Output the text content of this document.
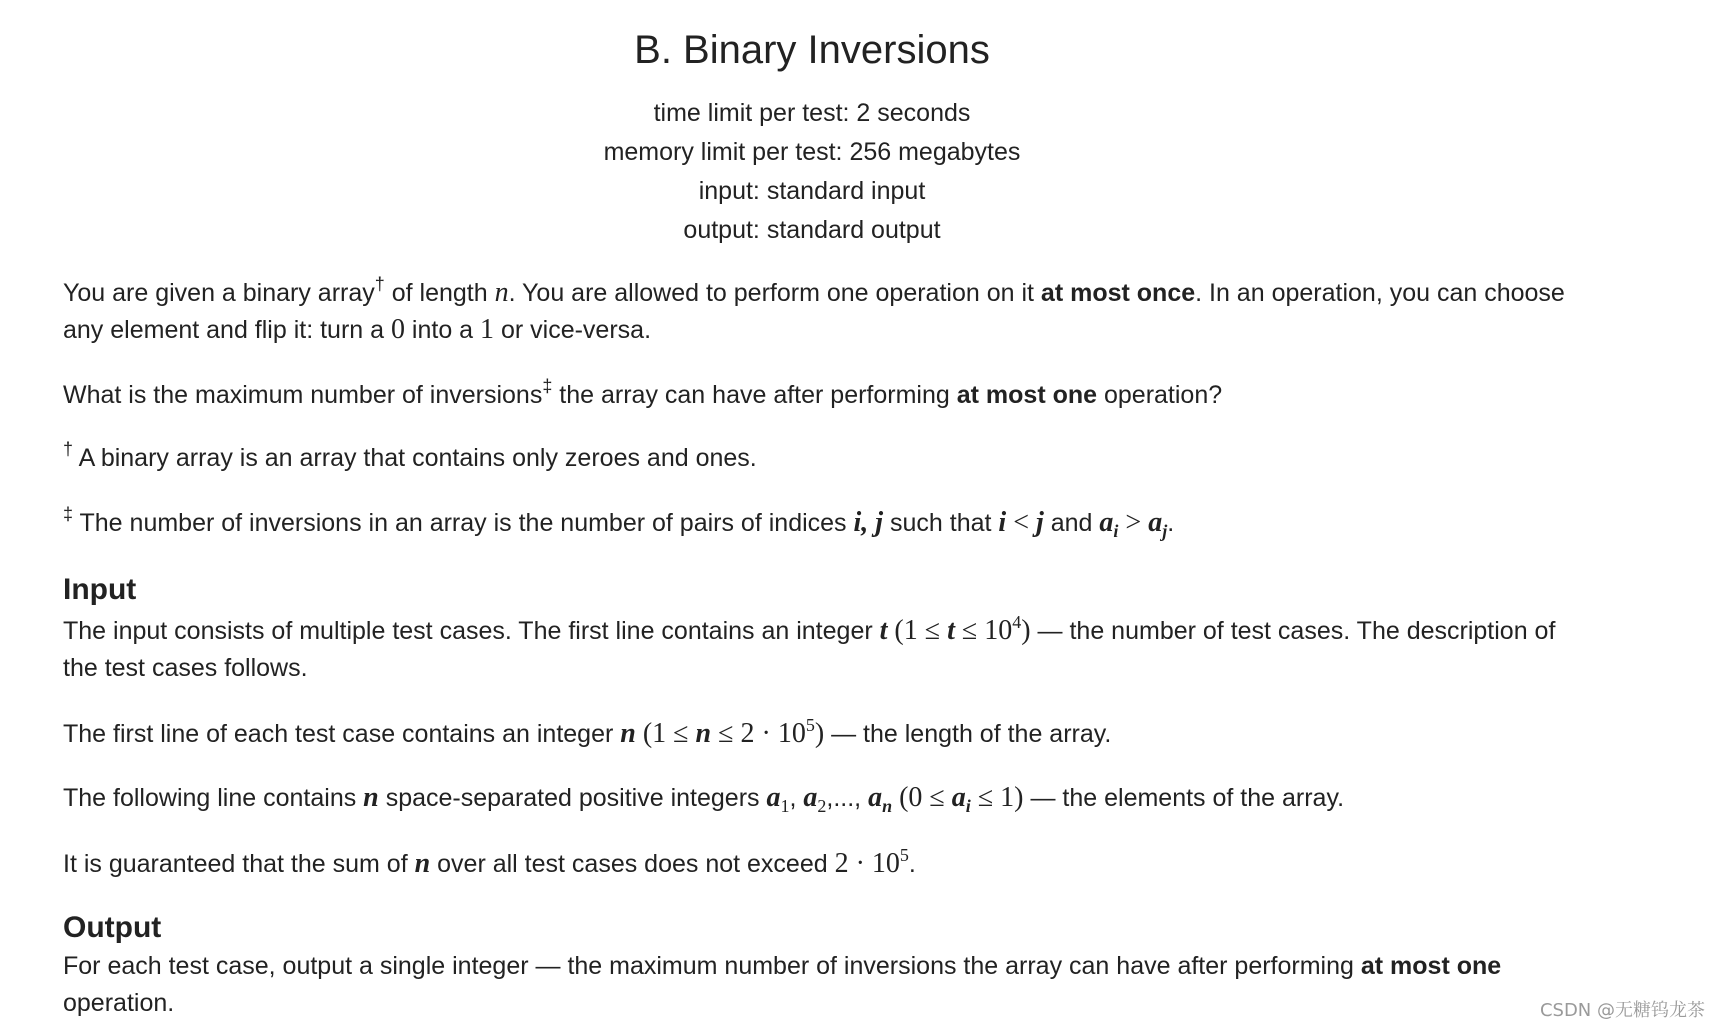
B. Binary Inversions
time limit per test: 2 seconds
memory limit per test: 256 megabytes
input: standard input
output: standard output
You are given a binary array† of length n. You are allowed to perform one operation on it at most once. In an operation, you can choose
any element and flip it: turn a 0 into a 1 or vice-versa.
What is the maximum number of inversions‡ the array can have after performing at most one operation?
† A binary array is an array that contains only zeroes and ones.
‡ The number of inversions in an array is the number of pairs of indices i, j such that i < j and $a_i > a_j$.
Input
The input consists of multiple test cases. The first line contains an integer t $(1 \le t \le 10^4)$ — the number of test cases. The description of
the test cases follows.
The first line of each test case contains an integer n $(1 \le n \le 2 \cdot 10^5)$ — the length of the array.
The following line contains n space-separated positive integers $a_1$, $a_2$,..., $a_n$ $(0 \le a_i \le 1)$ — the elements of the array.
It is guaranteed that the sum of n over all test cases does not exceed $2 \cdot 10^5$.
Output
For each test case, output a single integer — the maximum number of inversions the array can have after performing at most one
operation.	CSDN @无糖钨龙茶
